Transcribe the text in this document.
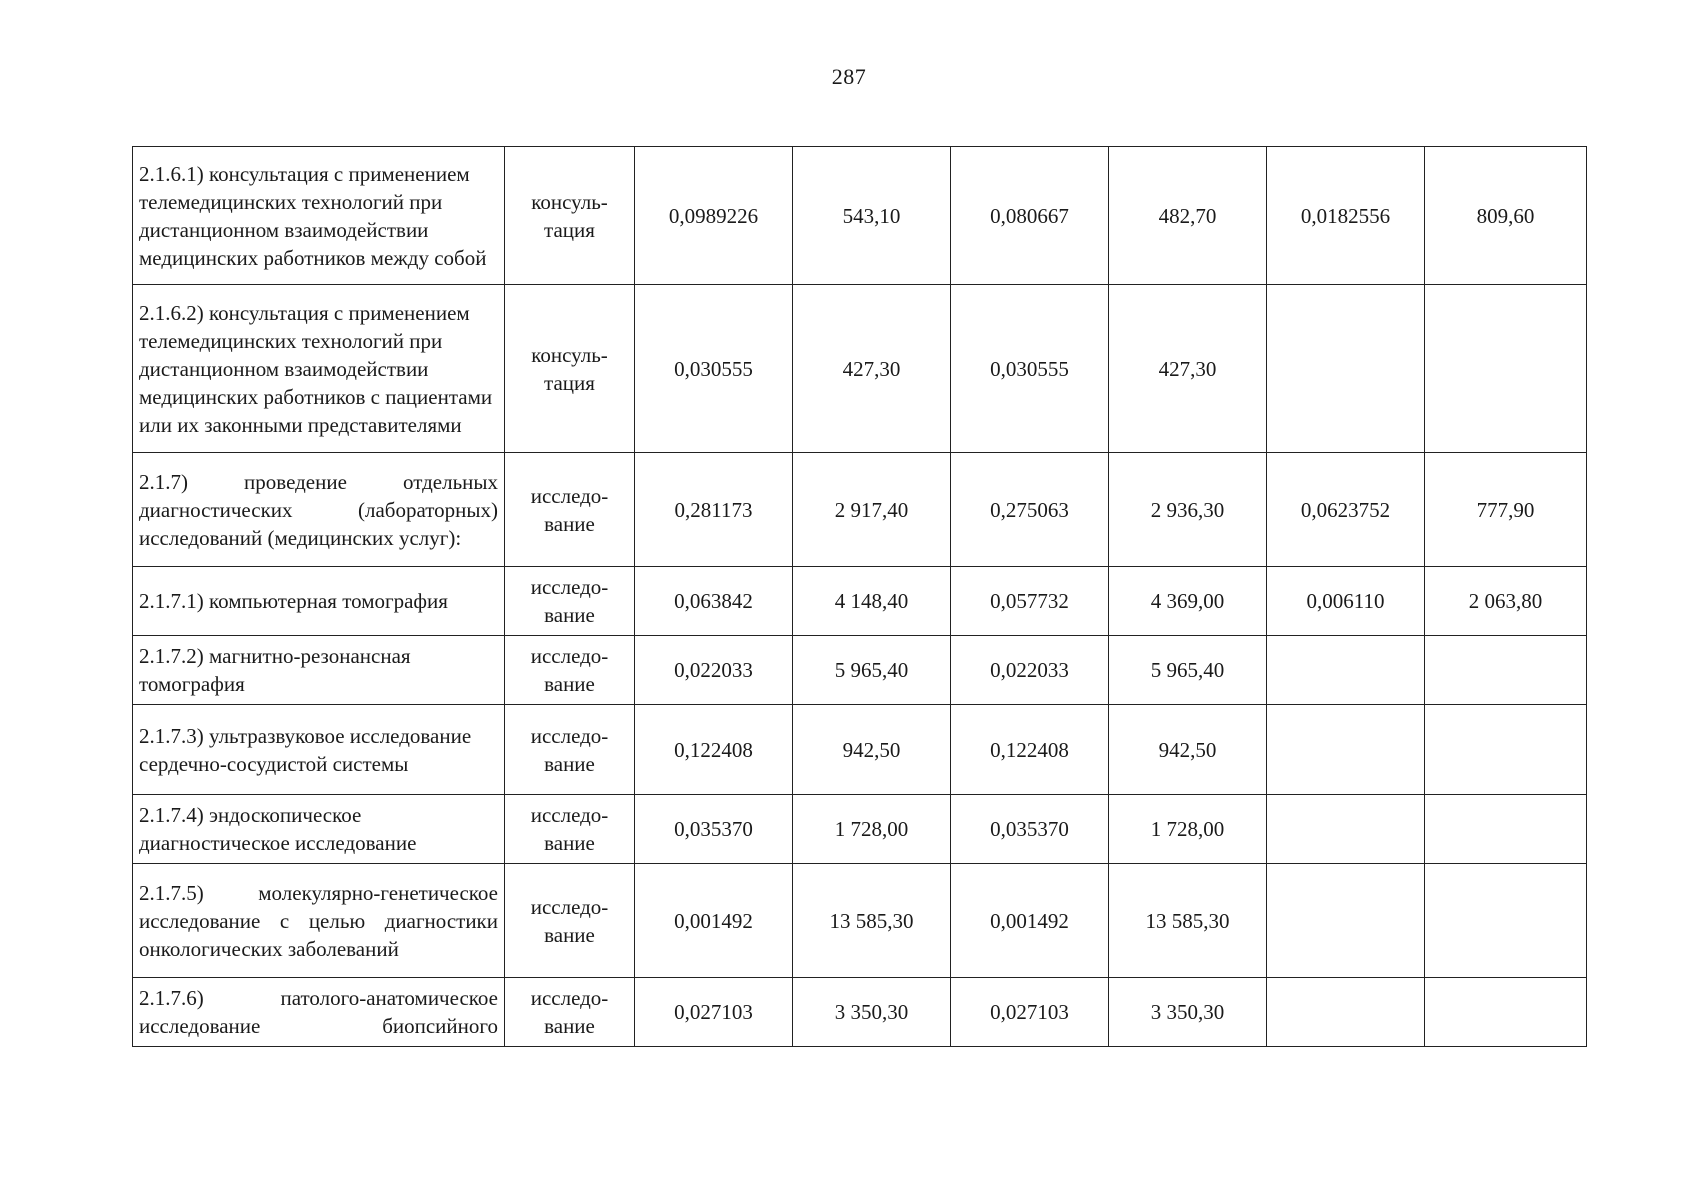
287
2.1.6.1) консультация с применением телемедицинских технологий при дистанционном взаимодействии медицинских работников между собой	консуль-тация	0,0989226	543,10	0,080667	482,70	0,0182556	809,60
2.1.6.2) консультация с применением телемедицинских технологий при дистанционном взаимодействии медицинских работников с пациентами или их законными представителями	консуль-тация	0,030555	427,30	0,030555	427,30		
2.1.7) проведение отдельных диагностических (лабораторных) исследований (медицинских услуг):	исследо-вание	0,281173	2 917,40	0,275063	2 936,30	0,0623752	777,90
2.1.7.1) компьютерная томография	исследо-вание	0,063842	4 148,40	0,057732	4 369,00	0,006110	2 063,80
2.1.7.2) магнитно-резонансная томография	исследо-вание	0,022033	5 965,40	0,022033	5 965,40		
2.1.7.3) ультразвуковое исследование сердечно-сосудистой системы	исследо-вание	0,122408	942,50	0,122408	942,50		
2.1.7.4) эндоскопическое диагностическое исследование	исследо-вание	0,035370	1 728,00	0,035370	1 728,00		
2.1.7.5) молекулярно-генетическое исследование с целью диагностики онкологических заболеваний	исследо-вание	0,001492	13 585,30	0,001492	13 585,30		
2.1.7.6) патолого-анатомическое исследование биопсийного	исследо-вание	0,027103	3 350,30	0,027103	3 350,30		
